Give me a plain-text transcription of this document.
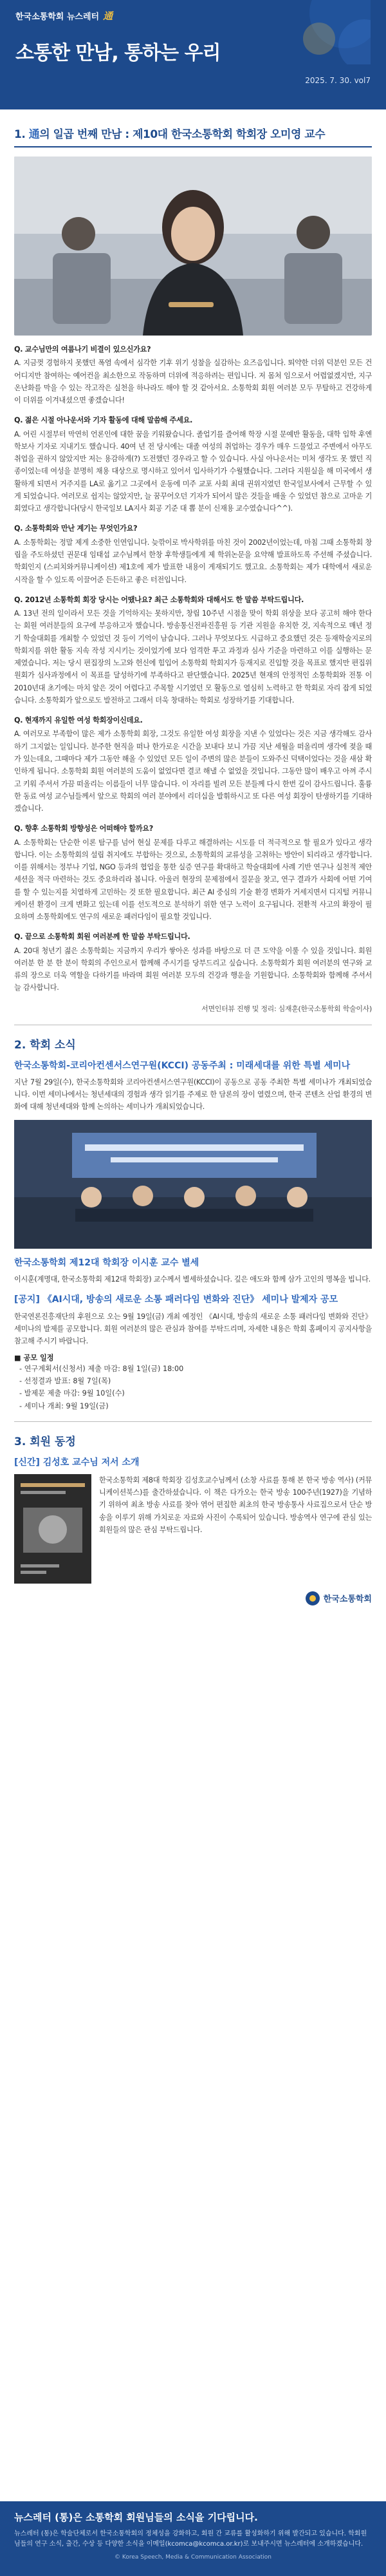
한국소통학회 뉴스레터 通
소통한 만남, 통하는 우리
2025. 7. 30. vol7
1. 通의 일곱 번째 만남 : 제10대 한국소통학회 학회장 오미영 교수
Q. 교수님만의 여름나기 비결이 있으신가요?
A. 지금껏 경험하지 못했던 폭염 속에서 심각한 기후 위기 성찰을 실감하는 요즈음입니다. 뙤약한 더위 덕분인 모든 건 어디지만 참여하는 예어컨을 최소한으로 작동하며 더위에 적응하려는 편입니다. 저 몸처 임으로서 어렵없겠지만, 지구 온난화를 막을 수 있는 작고작은 실천을 하나라도 해야 할 것 같아서요. 소통학회 회원 여러분 모두 무탈하고 건강하게 이 더위를 이겨내셨으면 좋겠습니다!
Q. 젊은 시절 아나운서와 기자 활동에 대해 말씀해 주세요.
A. 어린 시절부터 막연히 언론인에 대한 꿈을 키워왔습니다. 졸업기를 즐어해 학장 시절 문예반 활동을, 대학 입학 후엔 학보사 기자로 지내기도 했습니다. 40여 년 전 당시에는 대졸 여성의 취업하는 경우가 매우 드물었고 주변에서 아무도 취업을 권하지 않았지만 저는 용감하게(?) 도전했던 경우라고 할 수 있습니다. 사실 아나운서는 미처 생각도 못 했던 직종이었는데 여성을 분명히 채용 대상으로 명시하고 있어서 입사하기가 수월했습니다. 그러다 지원실을 해 미국에서 생활하게 되면서 거주지를 LA로 옮기고 그곳에서 운동에 미주 교포 사회 최대 권위지였던 한국일보사에서 근무할 수 있게 되었습니다. 여러모로 쉽지는 않았지만, 늘 꿈꾸어오던 기자가 되어서 많은 것들을 배울 수 있었던 참으로 고마운 기회였다고 생각합니다(당시 한국일보 LA지사 회공 기준 대 뽑 분이 신재용 교수였습니다^^).
Q. 소통학회와 만난 계기는 무엇인가요?
A. 소통학회는 정말 제게 소중한 인연입니다. 늦깎이로 박사학위를 마친 것이 2002년이었는데, 마침 그때 소통학회 창립을 주도하셨던 권문대 임태섭 교수님께서 한창 후학생들에게 제 학위논문을 요약해 발표하도록 주선해 주셨습니다. 학회인지 (스피치와커뮤니케이션) 제1호에 제가 발표한 내용이 게재되기도 했고요. 소통학회는 제가 대학에서 새로운 시작을 할 수 있도록 이끌어준 든든하고 좋은 터전입니다.
Q. 2012년 소통학회 회장 당시는 어땠나요? 최근 소통학회와 대해서도 한 말씀 부탁드립니다.
A. 13년 전의 일이라서 모든 것을 기억하지는 못하지만, 창립 10주년 시점을 맞이 학회 위상을 보다 공고히 해야 한다는 회원 여러분들의 요구에 부응하고자 했습니다. 방송통신전파진흥원 등 기관 지원을 유치한 것, 지속적으로 매년 정기 학술대회를 개최할 수 있었던 것 등이 기억이 남습니다. 그러나 무엇보다도 시급하고 중요했던 것은 등재학술지로의 학회지를 위한 활동 지속 작성 지시키는 것이었기에 보다 엄격한 투고 과정과 심사 기준을 마련하고 이를 실행하는 문제였습니다. 저는 당시 편집장의 노고와 헌신에 힘입어 소통학회 학회지가 등재지로 진입할 것을 목표로 했지만 편집위원회가 심사과정에서 이 목표를 달성하기에 부족하다고 판단했습니다. 2025년 현재의 안정적인 소통학회와 전통 이 2010년대 초기에는 마치 앞은 것이 어렵다고 주목할 시기였던 모 활동으로 열심히 노력하고 한 학회로 자리 잡게 되었습니다. 소통학회가 앞으로도 발전하고 그래서 더욱 창대하는 학회로 성장하기를 기대합니다.
Q. 현재까지 유일한 여성 학회장이신데요.
A. 여러모로 부족함이 많은 제가 소통학회 회장, 그것도 유일한 여성 회장을 지낸 수 있었다는 것은 지금 생각해도 감사하기 그지없는 일입니다. 분주한 현직을 떠나 한가로운 시간을 보내다 보니 가끔 지난 세월을 떠올리며 생각에 젖을 때가 있는데요, 그때마다 제가 그동안 해올 수 있었던 모든 일이 주변의 많은 분들이 도와주신 덕택이었다는 것을 새삼 확인하게 됩니다. 소통학회 회원 여러분의 도움이 없었다면 결코 해낼 수 없었을 것입니다. 그동안 많이 배우고 아껴 주시고 키워 주셔서 가끔 떠올리는 이름들이 너무 많습니다. 이 자리를 빌려 모든 분들께 다시 한번 깊이 감사드립니다. 훌륭한 동료 여성 교수님들께서 앞으로 학회의 여러 분야에서 리더십을 발휘하시고 또 다른 여성 회장이 탄생하기를 기대하겠습니다.
Q. 향후 소통학회 방향성은 어떠해야 할까요?
A. 소통학회는 단순한 이론 탐구를 넘어 현실 문제를 다루고 해결하려는 시도를 더 적극적으로 할 필요가 있다고 생각합니다. 이는 소통학회의 설립 취지에도 부합하는 것으로, 소통학회의 교류성을 고취하는 방안이 되리라고 생각합니다. 이를 위해서는 정부나 기업, NGO 등과의 협업을 통한 실증 연구를 확대하고 학술대회에 사례 기반 연구나 실천적 제안 세션을 적극 마련하는 것도 중요하리라 봅니다. 아울러 현장의 문제점에서 질문을 찾고, 연구 결과가 사회에 어떤 기여를 할 수 있는지를 치열하게 고민하는 것 또한 필요합니다. 최근 AI 중심의 기술 환경 변화가 거세지면서 디지털 커뮤니케이션 환경이 크게 변화고 있는데 이를 선도적으로 분석하기 위한 연구 노력이 요구됩니다. 전환적 사고의 확장이 필요하며 소통학회에도 연구의 새로운 패러다임이 필요할 것입니다.
Q. 끝으로 소통학회 회원 여러분께 한 말씀 부탁드립니다.
A. 20대 청년기 젊은 소통학회는 지금까지 우리가 쌓아온 성과를 바탕으로 더 큰 도약을 이룰 수 있을 것입니다. 회원 여러분 한 분 한 분이 학회의 주인으로서 함께해 주시기를 당부드리고 싶습니다. 소통학회가 회원 여러분의 연구와 교류의 장으로 더욱 역할을 다하기를 바라며 회원 여러분 모두의 건강과 행운을 기원합니다. 소통학회와 함께해 주셔서 늘 감사합니다.
서면인터뷰 진행 및 정리: 심재훈(한국소통학회 학술이사)
2. 학회 소식
한국소통학회-코리아컨센서스연구원(KCCI) 공동주최 : 미래세대를 위한 특별 세미나
지난 7월 29일(수), 한국소통학회와 코리아컨센서스연구원(KCCI)이 공동으로 공동 주최한 특별 세미나가 개최되었습니다. 이번 세미나에서는 청년세대의 경험과 생각 읽기를 주제로 한 담론의 장이 열렸으며, 한국 콘텐츠 산업 환경의 변화에 대해 청년세대와 함께 논의하는 세미나가 개최되었습니다.
한국소통학회 제12대 학회장 이시훈 교수 별세
이시훈(계명대, 한국소통학회 제12대 학회장) 교수께서 별세하셨습니다. 깊은 애도와 함께 삼가 고인의 명복을 빕니다.
[공지] 《AI시대, 방송의 새로운 소통 패러다임 변화와 진단》 세미나 발제자 공모
한국연론진흥재단의 후원으로 오는 9월 19일(금) 개최 예정인 《AI시대, 방송의 새로운 소통 패러다임 변화와 진단》 세미나의 발제를 공모합니다. 회원 여러분의 많은 관심과 참여를 부탁드리며, 자세한 내용은 학회 홈페이지 공지사항을 참고해 주시기 바랍니다.
■ 공모 일정
- 연구계획서(신청서) 제출 마감: 8월 1일(금) 18:00
- 선정결과 발표: 8월 7일(목)
- 발제문 제출 마감: 9월 10일(수)
- 세미나 개최: 9월 19일(금)
3. 회원 동정
[신간] 김성호 교수님 저서 소개
한국소통학회 제8대 학회장 김성호교수님께서 (소창 사료를 통해 본 한국 방송 역사) (커뮤니케이션북스)를 출간하셨습니다. 이 책은 다가오는 한국 방송 100주년(1927)을 기념하기 위하여 최초 방송 사료를 찾아 엮어 편집한 최초의 한국 방송통사 사료집으로서 단순 방송을 이루기 위해 가치로운 자료와 사진이 수록되어 있습니다. 방송역사 연구에 관심 있는 회원들의 많은 관심 부탁드립니다.
한국소통학회
뉴스레터 (통)은 소통학회 회원님들의 소식을 기다립니다.
뉴스레터 (통)은 학술단체로서 한국소통학회의 정체성을 강화하고, 회원 간 교류를 활성화하기 위해 발간되고 있습니다. 학회원님들의 연구 소식, 출간, 수상 등 다양한 소식을 이메일(kcomca@kcomca.or.kr)로 보내주시면 뉴스레터에 소개하겠습니다.
© Korea Speech, Media & Communication Association
